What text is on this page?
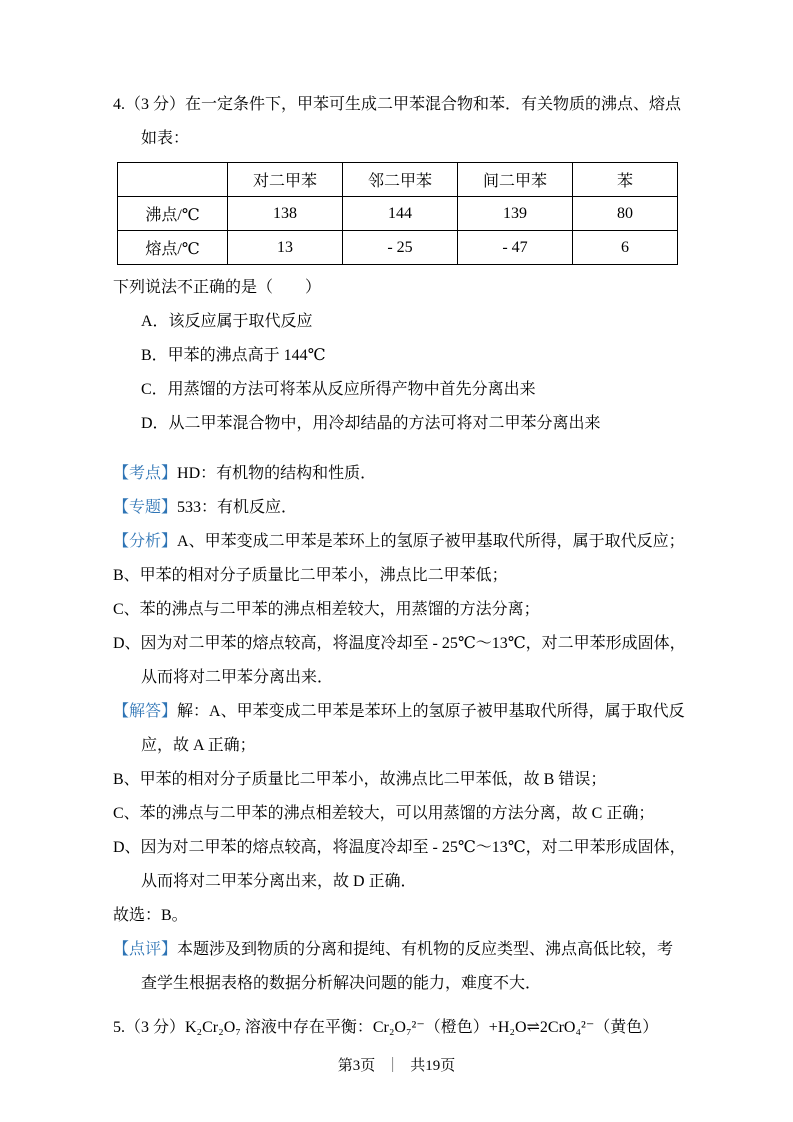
4.（3 分）在一定条件下，甲苯可生成二甲苯混合物和苯．有关物质的沸点、熔点如表：

	对二甲苯	邻二甲苯	间二甲苯	苯
沸点/℃	138	144	139	80
熔点/℃	13	- 25	- 47	6

下列说法不正确的是（　　）

A．该反应属于取代反应

B．甲苯的沸点高于 144℃

C．用蒸馏的方法可将苯从反应所得产物中首先分离出来

D．从二甲苯混合物中，用冷却结晶的方法可将对二甲苯分离出来

【考点】HD：有机物的结构和性质．

【专题】533：有机反应．

【分析】A、甲苯变成二甲苯是苯环上的氢原子被甲基取代所得，属于取代反应；

B、甲苯的相对分子质量比二甲苯小，沸点比二甲苯低；

C、苯的沸点与二甲苯的沸点相差较大，用蒸馏的方法分离；

D、因为对二甲苯的熔点较高，将温度冷却至 - 25℃～13℃，对二甲苯形成固体，从而将对二甲苯分离出来．

【解答】解：A、甲苯变成二甲苯是苯环上的氢原子被甲基取代所得，属于取代反应，故 A 正确；

B、甲苯的相对分子质量比二甲苯小，故沸点比二甲苯低，故 B 错误；

C、苯的沸点与二甲苯的沸点相差较大，可以用蒸馏的方法分离，故 C 正确；

D、因为对二甲苯的熔点较高，将温度冷却至 - 25℃～13℃，对二甲苯形成固体，从而将对二甲苯分离出来，故 D 正确．

故选：B。

【点评】本题涉及到物质的分离和提纯、有机物的反应类型、沸点高低比较，考查学生根据表格的数据分析解决问题的能力，难度不大．

5.（3 分）K₂Cr₂O₇ 溶液中存在平衡：Cr₂O₇²⁻（橙色）+H₂O⇌2CrO₄²⁻（黄色）

第3页 ｜ 共19页
